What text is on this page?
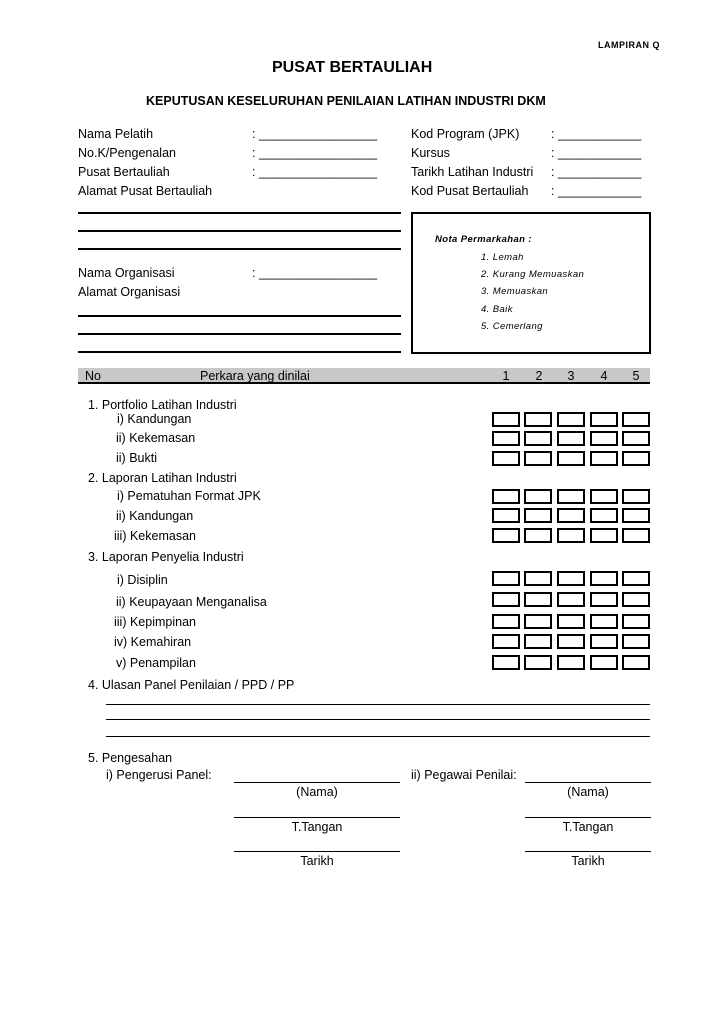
LAMPIRAN Q
PUSAT BERTAULIAH
KEPUTUSAN KESELURUHAN PENILAIAN LATIHAN INDUSTRI DKM
Nama Pelatih	: _________________
No.K/Pengenalan	: _________________
Pusat Bertauliah	: _________________
Alamat Pusat Bertauliah
Kod Program (JPK)	: ____________
Kursus	: ____________
Tarikh Latihan Industri : ____________
Kod Pusat Bertauliah : ____________
Nama Organisasi	: _________________
Alamat Organisasi
Nota Permarkahan :
1. Lemah
2. Kurang Memuaskan
3. Memuaskan
4. Baik
5. Cemerlang
No	Perkara yang dinilai	1	2	3	4	5
1. Portfolio Latihan Industri
i) Kandungan
ii) Kekemasan
ii) Bukti
2. Laporan Latihan Industri
i) Pematuhan Format JPK
ii) Kandungan
iii) Kekemasan
3. Laporan Penyelia Industri
i) Disiplin
ii) Keupayaan Menganalisa
iii) Kepimpinan
iv) Kemahiran
v) Penampilan
4. Ulasan Panel Penilaian / PPD / PP
5. Pengesahan
i) Pengerusi Panel:	ii) Pegawai Penilai:
(Nama)	(Nama)
T.Tangan	T.Tangan
Tarikh	Tarikh
